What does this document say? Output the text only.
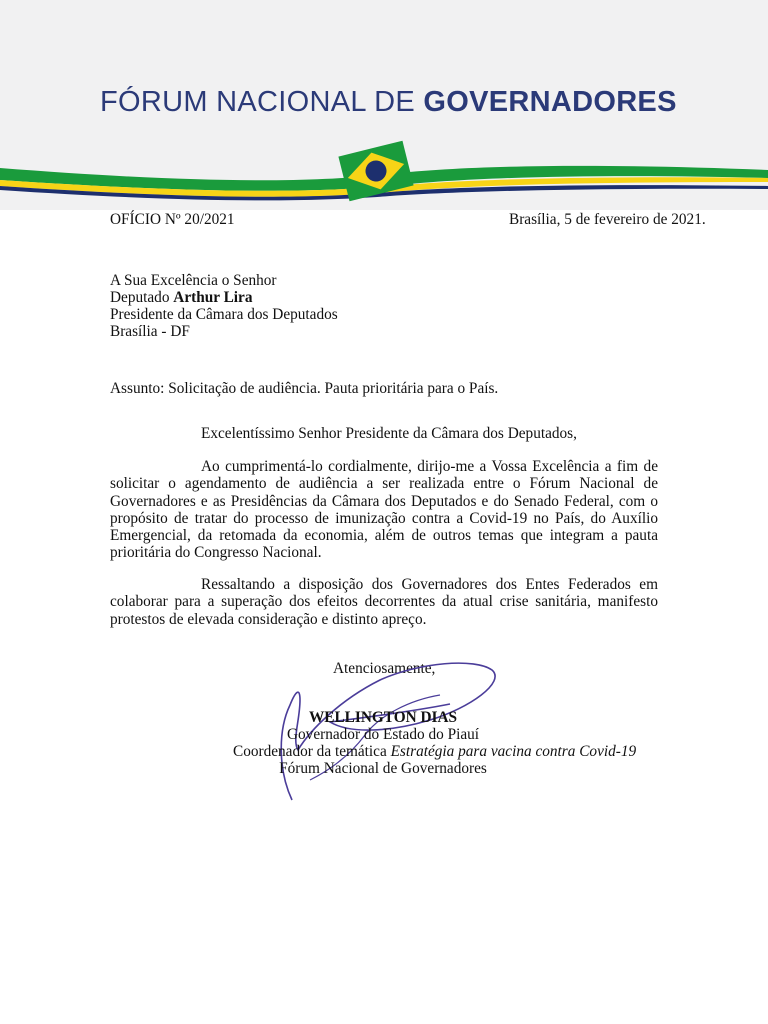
FÓRUM NACIONAL DE GOVERNADORES
OFÍCIO Nº 20/2021	Brasília, 5 de fevereiro de 2021.
A Sua Excelência o Senhor
Deputado Arthur Lira
Presidente da Câmara dos Deputados
Brasília - DF
Assunto: Solicitação de audiência. Pauta prioritária para o País.
Excelentíssimo Senhor Presidente da Câmara dos Deputados,
Ao cumprimentá-lo cordialmente, dirijo-me a Vossa Excelência a fim de solicitar o agendamento de audiência a ser realizada entre o Fórum Nacional de Governadores e as Presidências da Câmara dos Deputados e do Senado Federal, com o propósito de tratar do processo de imunização contra a Covid-19 no País, do Auxílio Emergencial, da retomada da economia, além de outros temas que integram a pauta prioritária do Congresso Nacional.
Ressaltando a disposição dos Governadores dos Entes Federados em colaborar para a superação dos efeitos decorrentes da atual crise sanitária, manifesto protestos de elevada consideração e distinto apreço.
Atenciosamente,
WELLINGTON DIAS
Governador do Estado do Piauí
Coordenador da temática Estratégia para vacina contra Covid-19
Fórum Nacional de Governadores
